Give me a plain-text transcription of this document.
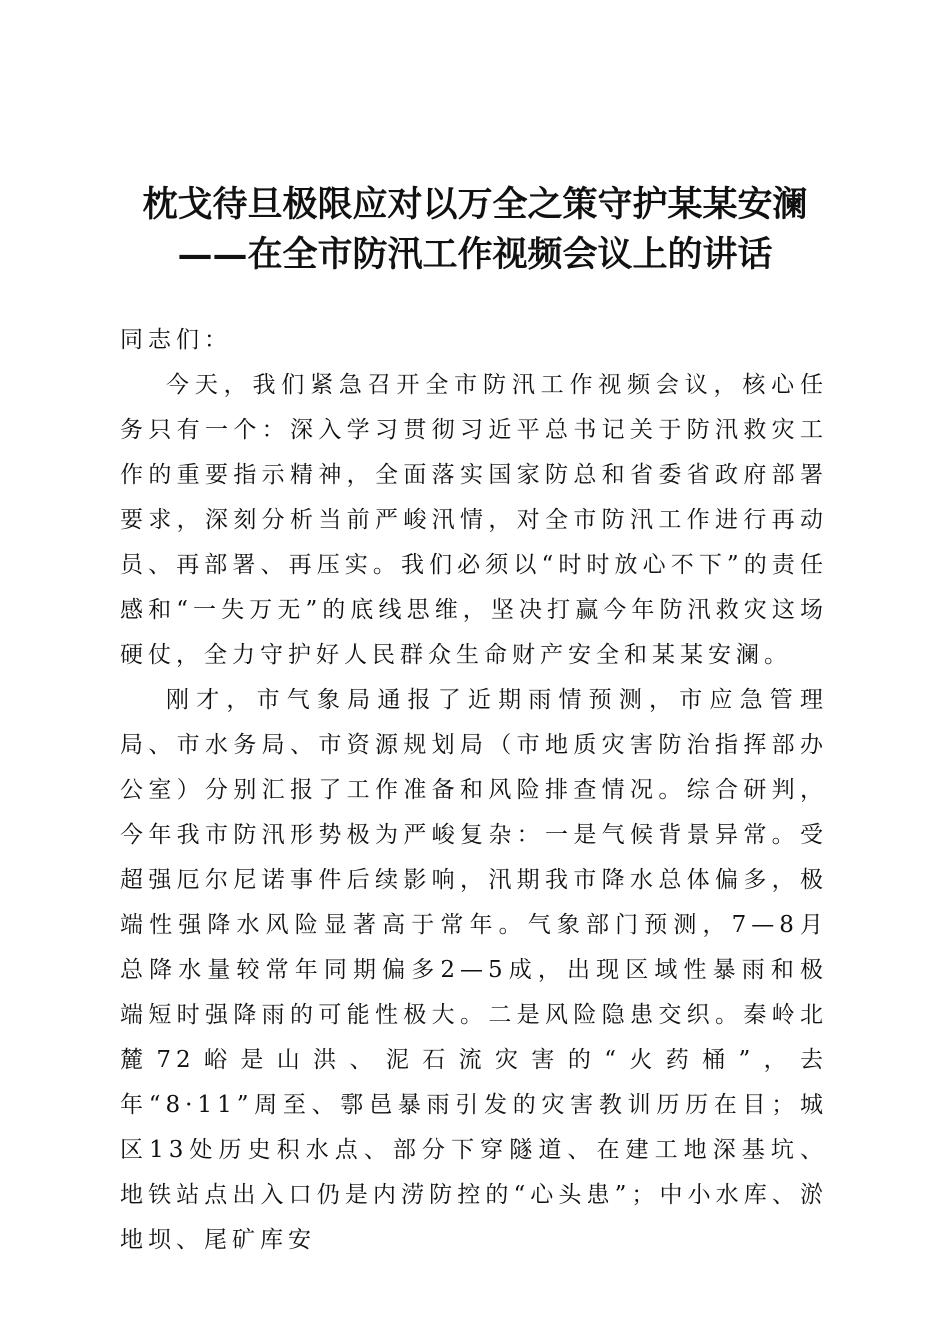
枕戈待旦极限应对以万全之策守护某某安澜
——在全市防汛工作视频会议上的讲话

同志们：

今天，我们紧急召开全市防汛工作视频会议，核心任务只有一个：深入学习贯彻习近平总书记关于防汛救灾工作的重要指示精神，全面落实国家防总和省委省政府部署要求，深刻分析当前严峻汛情，对全市防汛工作进行再动员、再部署、再压实。我们必须以“时时放心不下”的责任感和“一失万无”的底线思维，坚决打赢今年防汛救灾这场硬仗，全力守护好人民群众生命财产安全和某某安澜。

刚才，市气象局通报了近期雨情预测，市应急管理局、市水务局、市资源规划局（市地质灾害防治指挥部办公室）分别汇报了工作准备和风险排查情况。综合研判，今年我市防汛形势极为严峻复杂：一是气候背景异常。受超强厄尔尼诺事件后续影响，汛期我市降水总体偏多，极端性强降水风险显著高于常年。气象部门预测，7—8月总降水量较常年同期偏多2—5成，出现区域性暴雨和极端短时强降雨的可能性极大。二是风险隐患交织。秦岭北麓72峪是山洪、泥石流灾害的“火药桶”，去年“8·11”周至、鄠邑暴雨引发的灾害教训历历在目；城区13处历史积水点、部分下穿隧道、在建工地深基坑、地铁站点出入口仍是内涝防控的“心头患”；中小水库、淤地坝、尾矿库安
